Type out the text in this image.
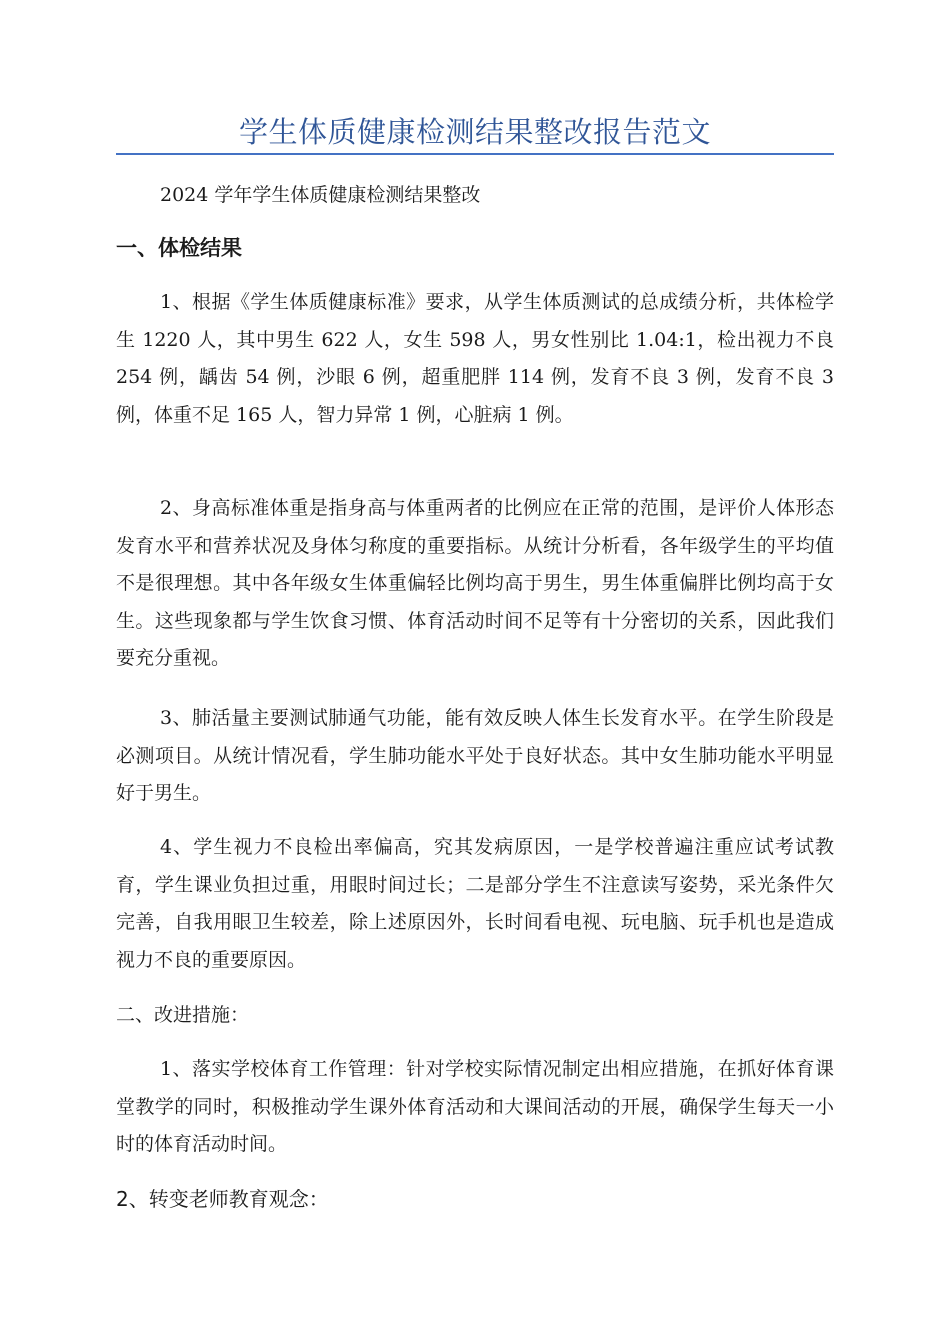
学生体质健康检测结果整改报告范文
2024 学年学生体质健康检测结果整改
一、体检结果

1、根据《学生体质健康标准》要求，从学生体质测试的总成绩分析，共体检学生 1220 人，其中男生 622 人，女生 598 人，男女性别比 1.04:1，检出视力不良 254 例，龋齿 54 例，沙眼 6 例，超重肥胖 114 例，发育不良 3 例，发育不良 3 例，体重不足 165 人，智力异常 1 例，心脏病 1 例。

2、身高标准体重是指身高与体重两者的比例应在正常的范围，是评价人体形态发育水平和营养状况及身体匀称度的重要指标。从统计分析看，各年级学生的平均值不是很理想。其中各年级女生体重偏轻比例均高于男生，男生体重偏胖比例均高于女生。这些现象都与学生饮食习惯、体育活动时间不足等有十分密切的关系，因此我们要充分重视。

3、肺活量主要测试肺通气功能，能有效反映人体生长发育水平。在学生阶段是必测项目。从统计情况看，学生肺功能水平处于良好状态。其中女生肺功能水平明显好于男生。

4、学生视力不良检出率偏高，究其发病原因，一是学校普遍注重应试考试教育，学生课业负担过重，用眼时间过长；二是部分学生不注意读写姿势，采光条件欠完善，自我用眼卫生较差，除上述原因外，长时间看电视、玩电脑、玩手机也是造成视力不良的重要原因。

二、改进措施：

1、落实学校体育工作管理：针对学校实际情况制定出相应措施，在抓好体育课堂教学的同时，积极推动学生课外体育活动和大课间活动的开展，确保学生每天一小时的体育活动时间。

2、转变老师教育观念：
